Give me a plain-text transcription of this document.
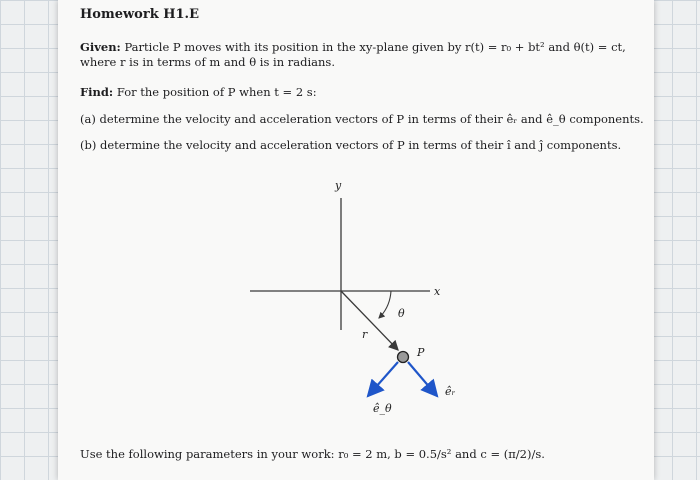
Homework H1.E
Given: Particle P moves with its position in the xy-plane given by r(t) = r₀ + bt² and θ(t) = ct,
where r is in terms of m and θ is in radians.
Find: For the position of P when t = 2 s:
(a) determine the velocity and acceleration vectors of P in terms of their êᵣ and ê_θ components.
(b) determine the velocity and acceleration vectors of P in terms of their î and ĵ components.
y
x
r
θ
P
êᵣ
ê_θ
Use the following parameters in your work: r₀ = 2 m, b = 0.5/s² and c = (π/2)/s.
